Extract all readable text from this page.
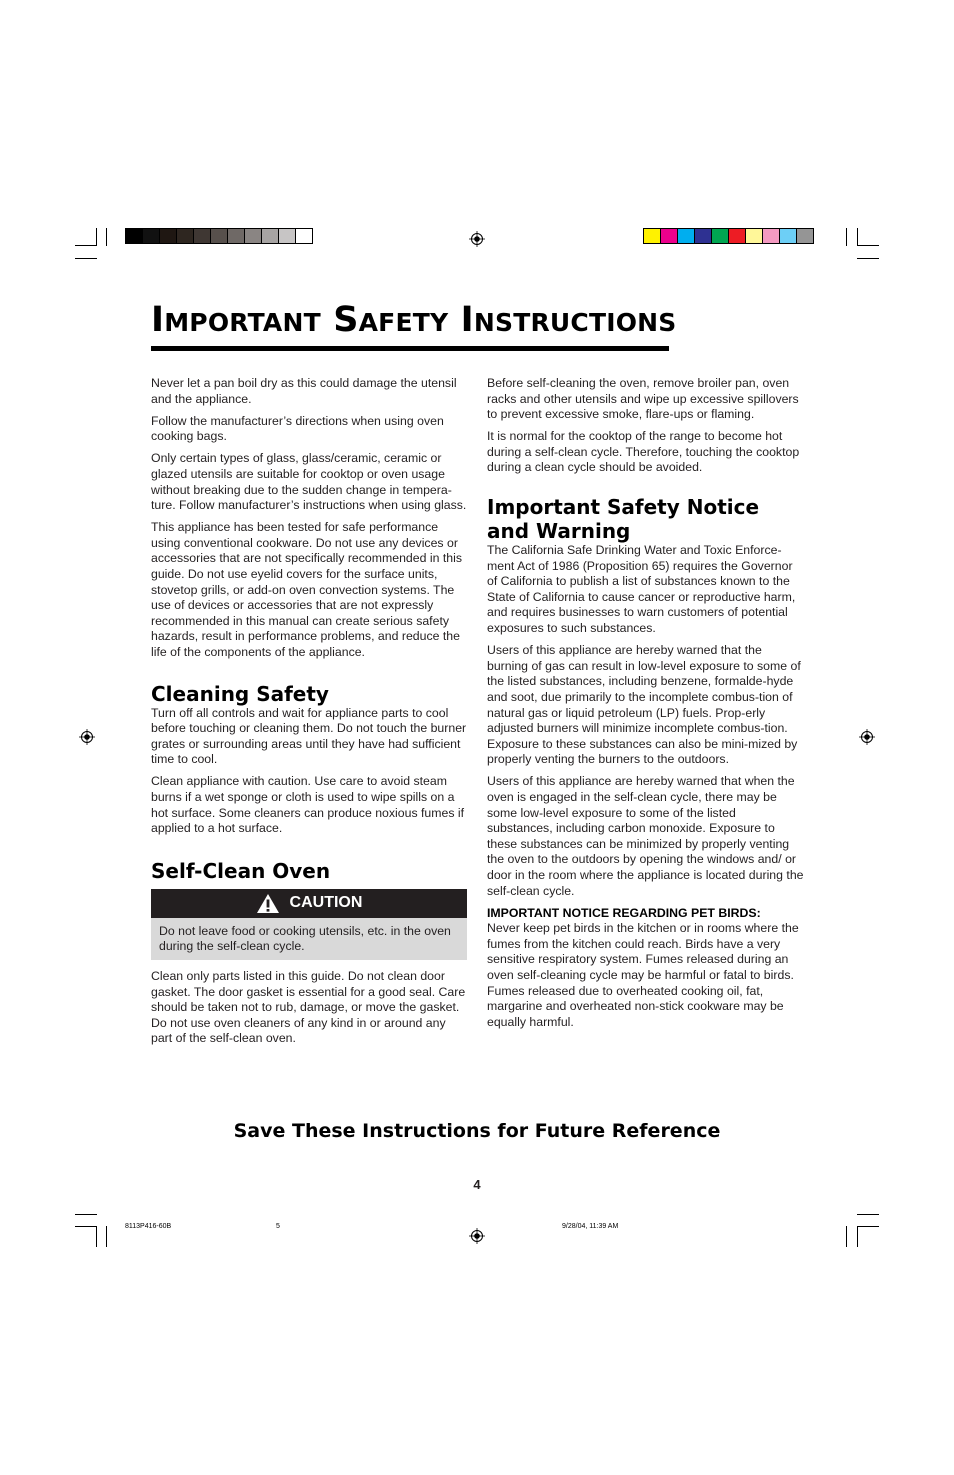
Important Safety Instructions

Never let a pan boil dry as this could damage the utensil and the appliance.

Follow the manufacturer’s directions when using oven cooking bags.

Only certain types of glass, glass/ceramic, ceramic or glazed utensils are suitable for cooktop or oven usage without breaking due to the sudden change in tempera-ture. Follow manufacturer’s instructions when using glass.

This appliance has been tested for safe performance using conventional cookware. Do not use any devices or accessories that are not specifically recommended in this guide. Do not use eyelid covers for the surface units, stovetop grills, or add-on oven convection systems. The use of devices or accessories that are not expressly recommended in this manual can create serious safety hazards, result in performance problems, and reduce the life of the components of the appliance.

Cleaning Safety

Turn off all controls and wait for appliance parts to cool before touching or cleaning them. Do not touch the burner grates or surrounding areas until they have had sufficient time to cool.

Clean appliance with caution. Use care to avoid steam burns if a wet sponge or cloth is used to wipe spills on a hot surface. Some cleaners can produce noxious fumes if applied to a hot surface.

Self-Clean Oven
CAUTION
Do not leave food or cooking utensils, etc. in the oven during the self-clean cycle.

Clean only parts listed in this guide. Do not clean door gasket. The door gasket is essential for a good seal. Care should be taken not to rub, damage, or move the gasket. Do not use oven cleaners of any kind in or around any part of the self-clean oven.

Before self-cleaning the oven, remove broiler pan, oven racks and other utensils and wipe up excessive spillovers to prevent excessive smoke, flare-ups or flaming.

It is normal for the cooktop of the range to become hot during a self-clean cycle. Therefore, touching the cooktop during a clean cycle should be avoided.

Important Safety Notice and Warning

The California Safe Drinking Water and Toxic Enforce-ment Act of 1986 (Proposition 65) requires the Governor of California to publish a list of substances known to the State of California to cause cancer or reproductive harm, and requires businesses to warn customers of potential exposures to such substances.

Users of this appliance are hereby warned that the burning of gas can result in low-level exposure to some of the listed substances, including benzene, formalde-hyde and soot, due primarily to the incomplete combus-tion of natural gas or liquid petroleum (LP) fuels. Prop-erly adjusted burners will minimize incomplete combus-tion. Exposure to these substances can also be mini-mized by properly venting the burners to the outdoors.

Users of this appliance are hereby warned that when the oven is engaged in the self-clean cycle, there may be some low-level exposure to some of the listed substances, including carbon monoxide. Exposure to these substances can be minimized by properly venting the oven to the outdoors by opening the windows and/ or door in the room where the appliance is located during the self-clean cycle.

IMPORTANT NOTICE REGARDING PET BIRDS:

Never keep pet birds in the kitchen or in rooms where the fumes from the kitchen could reach. Birds have a very sensitive respiratory system. Fumes released during an oven self-cleaning cycle may be harmful or fatal to birds. Fumes released due to overheated cooking oil, fat, margarine and overheated non-stick cookware may be equally harmful.

Save These Instructions for Future Reference
4
8113P416-60B	5	9/28/04, 11:39 AM
